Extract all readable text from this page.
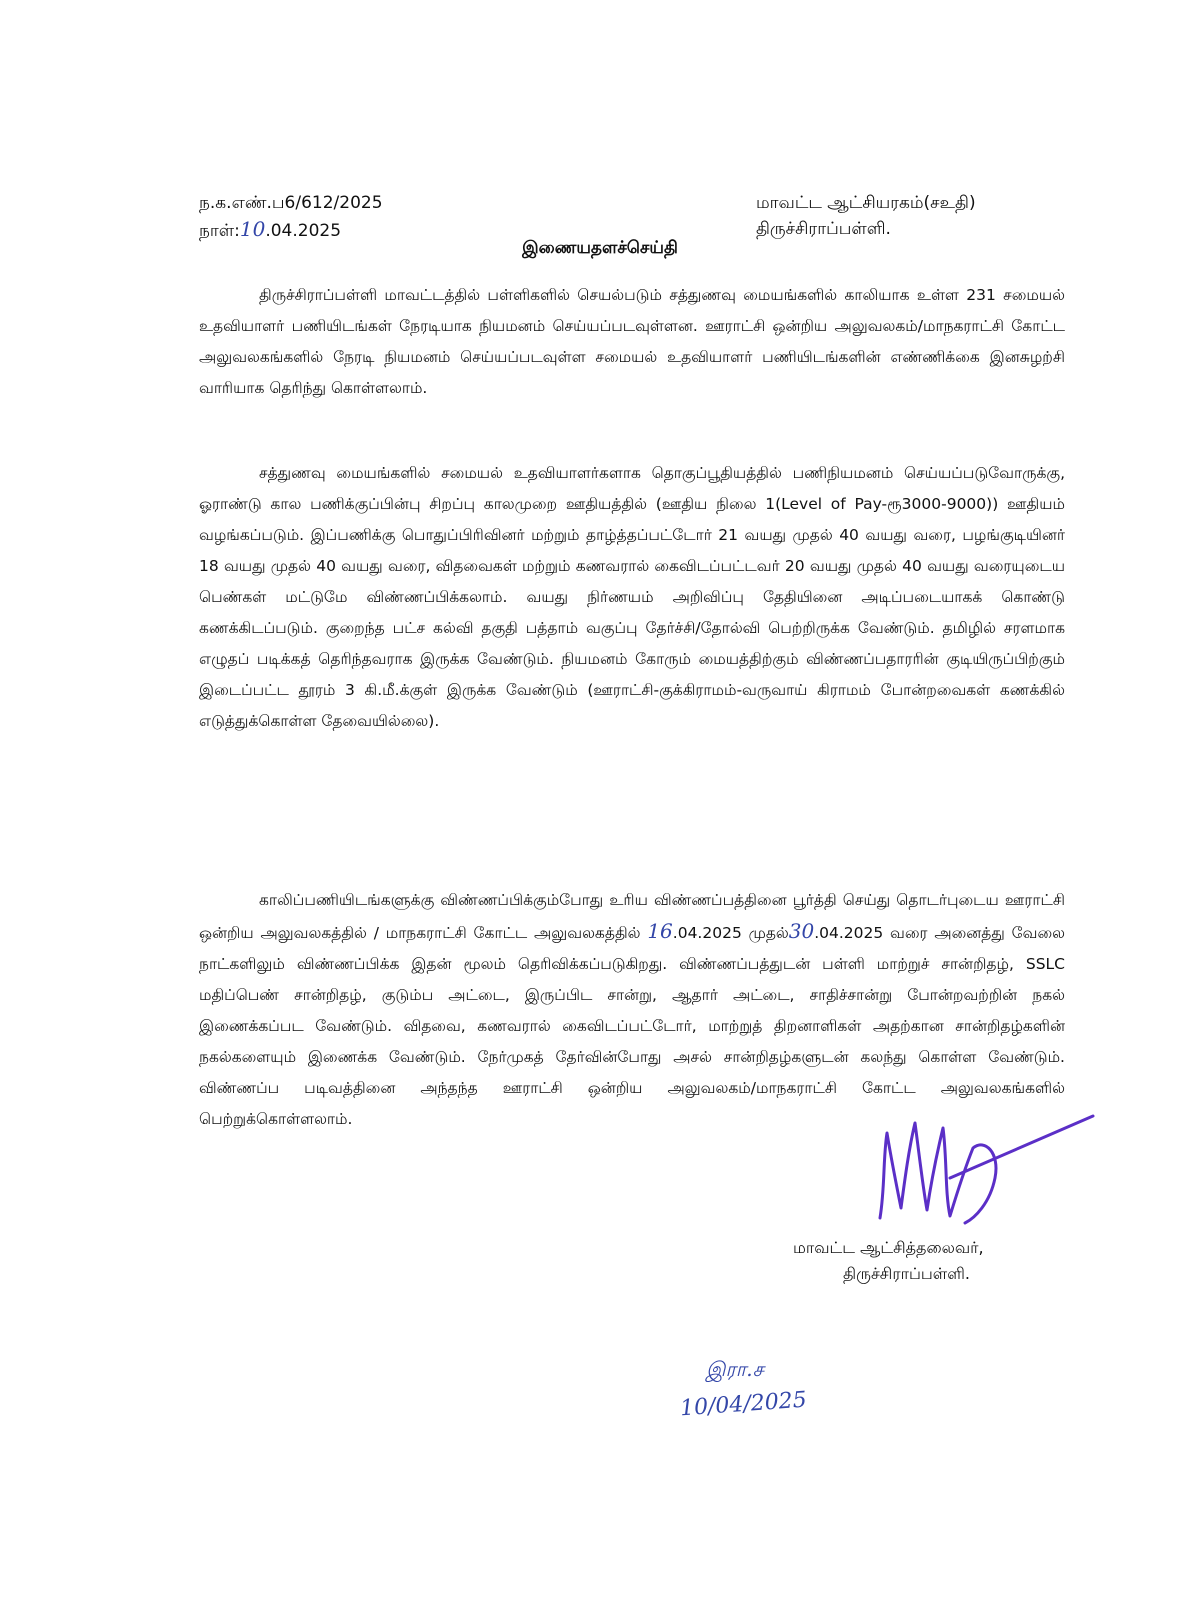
ந.க.எண்.ப6/612/2025
நாள்:10.04.2025
மாவட்ட ஆட்சியரகம்(சஉதி)
திருச்சிராப்பள்ளி.
இணையதளச்செய்தி

திருச்சிராப்பள்ளி மாவட்டத்தில் பள்ளிகளில் செயல்படும் சத்துணவு மையங்களில் காலியாக உள்ள 231 சமையல் உதவியாளர் பணியிடங்கள் நேரடியாக நியமனம் செய்யப்படவுள்ளன. ஊராட்சி ஒன்றிய அலுவலகம்/மாநகராட்சி கோட்ட அலுவலகங்களில் நேரடி நியமனம் செய்யப்படவுள்ள சமையல் உதவியாளர் பணியிடங்களின் எண்ணிக்கை இனசுழற்சி வாரியாக தெரிந்து கொள்ளலாம்.

சத்துணவு மையங்களில் சமையல் உதவியாளர்களாக தொகுப்பூதியத்தில் பணிநியமனம் செய்யப்படுவோருக்கு, ஓராண்டு கால பணிக்குப்பின்பு சிறப்பு காலமுறை ஊதியத்தில் (ஊதிய நிலை 1(Level of Pay-ரூ3000-9000)) ஊதியம் வழங்கப்படும். இப்பணிக்கு பொதுப்பிரிவினர் மற்றும் தாழ்த்தப்பட்டோர் 21 வயது முதல் 40 வயது வரை, பழங்குடியினர் 18 வயது முதல் 40 வயது வரை, விதவைகள் மற்றும் கணவரால் கைவிடப்பட்டவர் 20 வயது முதல் 40 வயது வரையுடைய பெண்கள் மட்டுமே விண்ணப்பிக்கலாம். வயது நிர்ணயம் அறிவிப்பு தேதியினை அடிப்படையாகக் கொண்டு கணக்கிடப்படும். குறைந்த பட்ச கல்வி தகுதி பத்தாம் வகுப்பு தேர்ச்சி/தோல்வி பெற்றிருக்க வேண்டும். தமிழில் சரளமாக எழுதப் படிக்கத் தெரிந்தவராக இருக்க வேண்டும். நியமனம் கோரும் மையத்திற்கும் விண்ணப்பதாரரின் குடியிருப்பிற்கும் இடைப்பட்ட தூரம் 3 கி.மீ.க்குள் இருக்க வேண்டும் (ஊராட்சி-குக்கிராமம்-வருவாய் கிராமம் போன்றவைகள் கணக்கில் எடுத்துக்கொள்ள தேவையில்லை).

காலிப்பணியிடங்களுக்கு விண்ணப்பிக்கும்போது உரிய விண்ணப்பத்தினை பூர்த்தி செய்து தொடர்புடைய ஊராட்சி ஒன்றிய அலுவலகத்தில் / மாநகராட்சி கோட்ட அலுவலகத்தில் 16.04.2025 முதல்30.04.2025 வரை அனைத்து வேலை நாட்களிலும் விண்ணப்பிக்க இதன் மூலம் தெரிவிக்கப்படுகிறது. விண்ணப்பத்துடன் பள்ளி மாற்றுச் சான்றிதழ், SSLC மதிப்பெண் சான்றிதழ், குடும்ப அட்டை, இருப்பிட சான்று, ஆதார் அட்டை, சாதிச்சான்று போன்றவற்றின் நகல் இணைக்கப்பட வேண்டும். விதவை, கணவரால் கைவிடப்பட்டோர், மாற்றுத் திறனாளிகள் அதற்கான சான்றிதழ்களின் நகல்களையும் இணைக்க வேண்டும். நேர்முகத் தேர்வின்போது அசல் சான்றிதழ்களுடன் கலந்து கொள்ள வேண்டும். விண்ணப்ப படிவத்தினை அந்தந்த ஊராட்சி ஒன்றிய அலுவலகம்/மாநகராட்சி கோட்ட அலுவலகங்களில் பெற்றுக்கொள்ளலாம்.

மாவட்ட ஆட்சித்தலைவர்,
திருச்சிராப்பள்ளி.
இரா.ச
10/04/2025
